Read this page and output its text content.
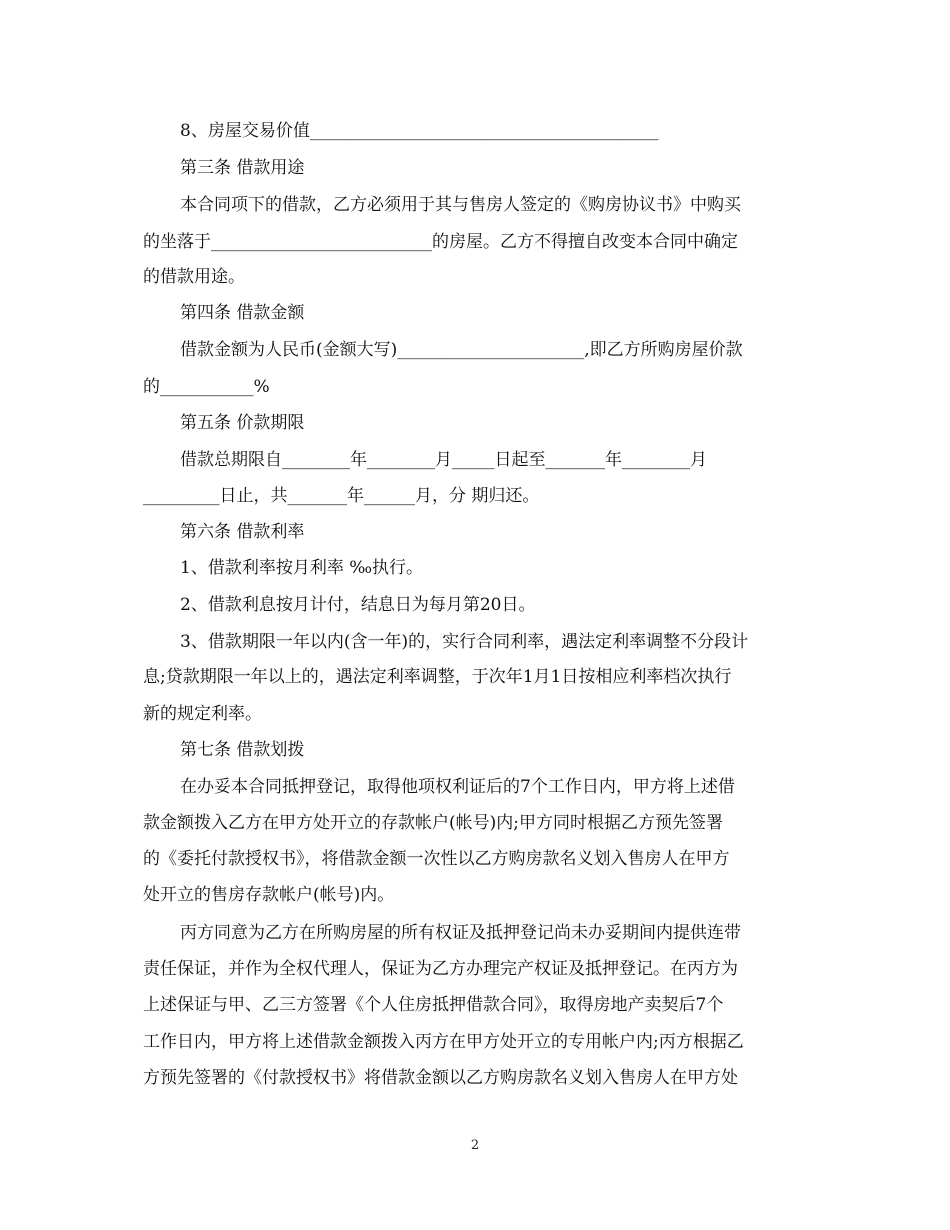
8、房屋交易价值_________________________________________
第三条 借款用途
本合同项下的借款，乙方必须用于其与售房人签定的《购房协议书》中购买
的坐落于__________________________的房屋。乙方不得擅自改变本合同中确定
的借款用途。
第四条 借款金额
借款金额为人民币(金额大写)______________________,即乙方所购房屋价款
的___________%
第五条 价款期限
借款总期限自________年________月_____日起至_______年________月
_________日止，共_______年______月，分 期归还。
第六条 借款利率
1、借款利率按月利率 ‰执行。
2、借款利息按月计付，结息日为每月第20日。
3、借款期限一年以内(含一年)的，实行合同利率，遇法定利率调整不分段计
息;贷款期限一年以上的，遇法定利率调整，于次年1月1日按相应利率档次执行
新的规定利率。
第七条 借款划拨
在办妥本合同抵押登记，取得他项权利证后的7个工作日内，甲方将上述借
款金额拨入乙方在甲方处开立的存款帐户(帐号)内;甲方同时根据乙方预先签署
的《委托付款授权书》，将借款金额一次性以乙方购房款名义划入售房人在甲方
处开立的售房存款帐户(帐号)内。
丙方同意为乙方在所购房屋的所有权证及抵押登记尚未办妥期间内提供连带
责任保证，并作为全权代理人，保证为乙方办理完产权证及抵押登记。在丙方为
上述保证与甲、乙三方签署《个人住房抵押借款合同》，取得房地产卖契后7个
工作日内，甲方将上述借款金额拨入丙方在甲方处开立的专用帐户内;丙方根据乙
方预先签署的《付款授权书》将借款金额以乙方购房款名义划入售房人在甲方处
2
